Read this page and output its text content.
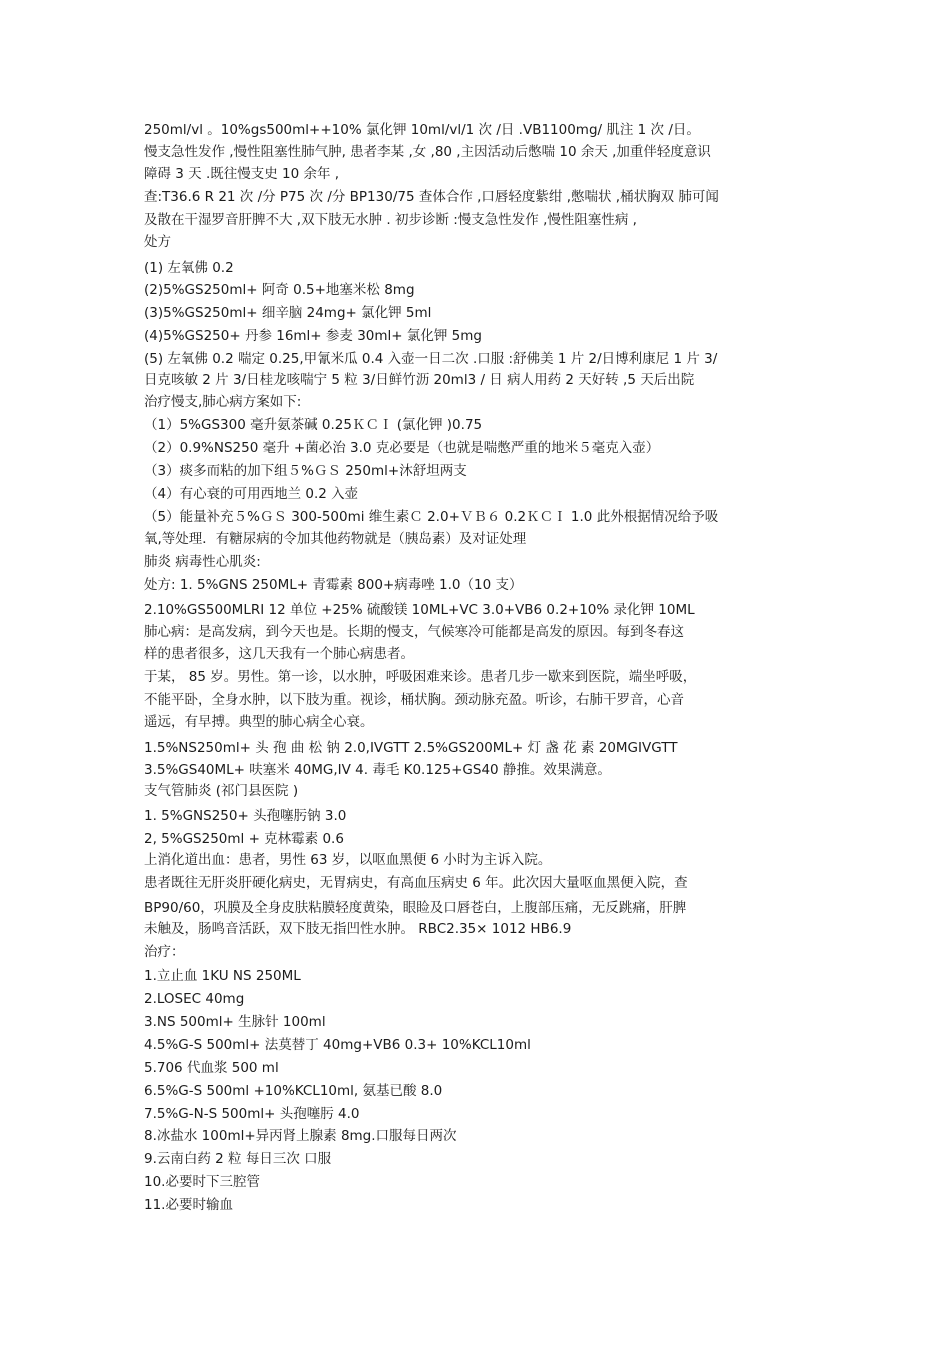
250ml/vl 。10%gs500ml++10% 氯化钾 10ml/vl/1 次 /日 .VB1100mg/ 肌注 1 次 /日。
慢支急性发作 ,慢性阻塞性肺气肿, 患者李某 ,女 ,80 ,主因活动后憋喘 10 余天 ,加重伴轻度意识
障碍 3 天 .既往慢支史 10 余年 ,
查:T36.6 R 21 次 /分 P75 次 /分 BP130/75 查体合作 ,口唇轻度紫绀 ,憋喘状 ,桶状胸双 肺可闻
及散在干湿罗音肝脾不大 ,双下肢无水肿 . 初步诊断 :慢支急性发作 ,慢性阻塞性病 ,
处方
(1) 左氧佛 0.2
(2)5%GS250ml+ 阿奇 0.5+地塞米松 8mg
(3)5%GS250ml+ 细辛脑 24mg+ 氯化钾 5ml
(4)5%GS250+ 丹参 16ml+ 参麦 30ml+ 氯化钾 5mg
(5) 左氧佛 0.2 喘定 0.25,甲氰米瓜 0.4 入壶一日二次 .口服 :舒佛美 1 片 2/日博利康尼 1 片 3/
日克咳敏 2 片 3/日桂龙咳喘宁 5 粒 3/日鲜竹沥 20ml3 / 日 病人用药 2 天好转 ,5 天后出院
治疗慢支,肺心病方案如下:
（1）5%GS300 毫升氨茶碱 0.25ＫＣＩ (氯化钾 )0.75
（2）0.9%NS250 毫升 +菌必治 3.0 克必要是（也就是喘憋严重的地米５毫克入壶）
（3）痰多而粘的加下组５%ＧＳ 250ml+沐舒坦两支
（4）有心衰的可用西地兰 0.2 入壶
（5）能量补充５%ＧＳ 300-500mi 维生素Ｃ 2.0+ＶＢ６ 0.2ＫＣＩ 1.0 此外根据情况给予吸
氧,等处理．有糖尿病的令加其他药物就是（胰岛素）及对证处理
肺炎 病毒性心肌炎:
处方: 1. 5%GNS 250ML+ 青霉素 800+病毒唑 1.0（10 支）
2.10%GS500MLRI 12 单位 +25% 硫酸镁 10ML+VC 3.0+VB6 0.2+10% 录化钾 10ML
肺心病：是高发病，到今天也是。长期的慢支，气候寒冷可能都是高发的原因。每到冬春这
样的患者很多，这几天我有一个肺心病患者。
于某， 85 岁。男性。第一诊，以水肿，呼吸困难来诊。患者几步一歇来到医院，端坐呼吸，
不能平卧，全身水肿，以下肢为重。视诊，桶状胸。颈动脉充盈。听诊，右肺干罗音，心音
遥远，有早搏。典型的肺心病全心衰。
1.5%NS250ml+ 头 孢 曲 松 钠 2.0,IVGTT 2.5%GS200ML+ 灯 盏 花 素 20MGIVGTT
3.5%GS40ML+ 呋塞米 40MG,IV 4. 毒毛 K0.125+GS40 静推。效果满意。
支气管肺炎 (祁门县医院 )
1. 5%GNS250+ 头孢噻肟钠 3.0
2, 5%GS250ml + 克林霉素 0.6
上消化道出血：患者，男性 63 岁，以呕血黑便 6 小时为主诉入院。
患者既往无肝炎肝硬化病史，无胃病史，有高血压病史 6 年。此次因大量呕血黑便入院，查
BP90/60，巩膜及全身皮肤粘膜轻度黄染，眼睑及口唇苍白，上腹部压痛，无反跳痛，肝脾
未触及，肠鸣音活跃，双下肢无指凹性水肿。 RBC2.35× 1012 HB6.9
治疗：
1.立止血 1KU NS 250ML
2.LOSEC 40mg
3.NS 500ml+ 生脉针 100ml
4.5%G-S 500ml+ 法莫替丁 40mg+VB6 0.3+ 10%KCL10ml
5.706 代血浆 500 ml
6.5%G-S 500ml +10%KCL10ml, 氨基已酸 8.0
7.5%G-N-S 500ml+ 头孢噻肟 4.0
8.冰盐水 100ml+异丙肾上腺素 8mg.口服每日两次
9.云南白药 2 粒 每日三次 口服
10.必要时下三腔管
11.必要时输血
